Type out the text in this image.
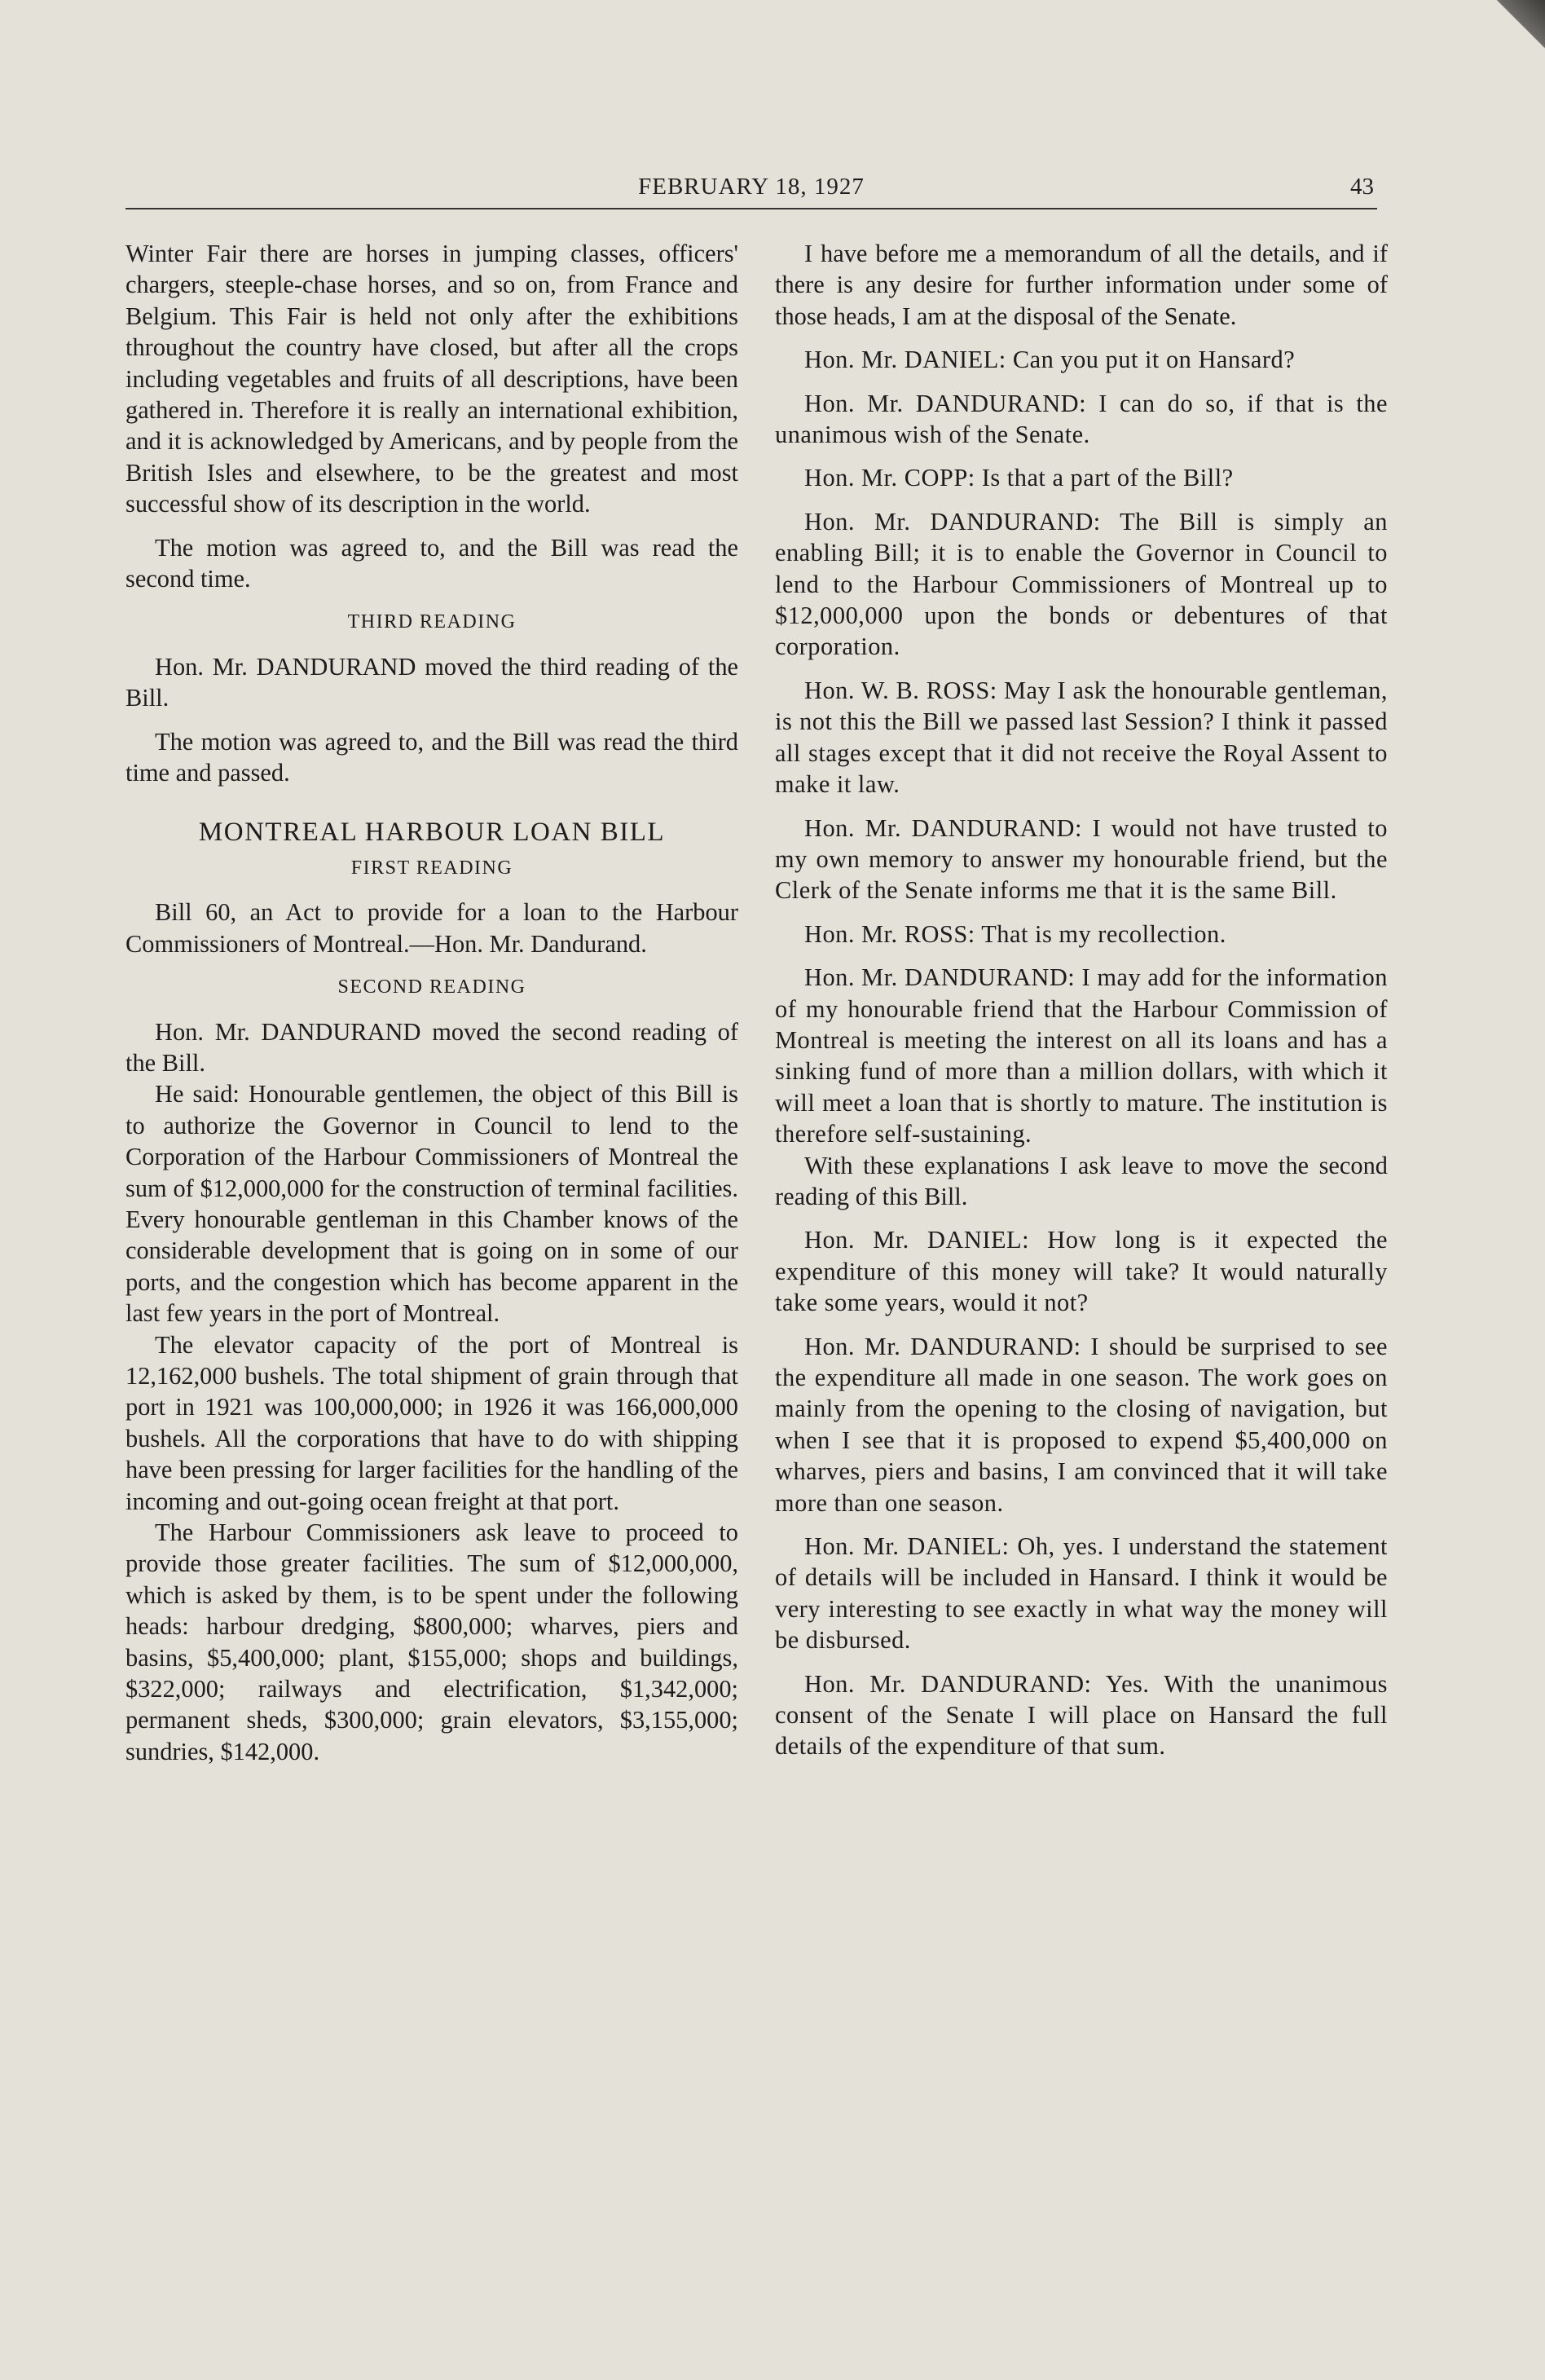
FEBRUARY 18, 1927	43

Winter Fair there are horses in jumping classes, officers' chargers, steeple-chase horses, and so on, from France and Belgium. This Fair is held not only after the exhibitions throughout the country have closed, but after all the crops including vegetables and fruits of all descriptions, have been gathered in. Therefore it is really an international exhibition, and it is acknowledged by Americans, and by people from the British Isles and elsewhere, to be the greatest and most successful show of its description in the world.

The motion was agreed to, and the Bill was read the second time.

THIRD READING

Hon. Mr. DANDURAND moved the third reading of the Bill.

The motion was agreed to, and the Bill was read the third time and passed.

MONTREAL HARBOUR LOAN BILL
FIRST READING

Bill 60, an Act to provide for a loan to the Harbour Commissioners of Montreal.—Hon. Mr. Dandurand.

SECOND READING

Hon. Mr. DANDURAND moved the second reading of the Bill.

He said: Honourable gentlemen, the object of this Bill is to authorize the Governor in Council to lend to the Corporation of the Harbour Commissioners of Montreal the sum of $12,000,000 for the construction of terminal facilities. Every honourable gentleman in this Chamber knows of the considerable development that is going on in some of our ports, and the congestion which has become apparent in the last few years in the port of Montreal.

The elevator capacity of the port of Montreal is 12,162,000 bushels. The total shipment of grain through that port in 1921 was 100,000,000; in 1926 it was 166,000,000 bushels. All the corporations that have to do with shipping have been pressing for larger facilities for the handling of the incoming and out-going ocean freight at that port.

The Harbour Commissioners ask leave to proceed to provide those greater facilities. The sum of $12,000,000, which is asked by them, is to be spent under the following heads: harbour dredging, $800,000; wharves, piers and basins, $5,400,000; plant, $155,000; shops and buildings, $322,000; railways and electrification, $1,342,000; permanent sheds, $300,000; grain elevators, $3,155,000; sundries, $142,000.

I have before me a memorandum of all the details, and if there is any desire for further information under some of those heads, I am at the disposal of the Senate.

Hon. Mr. DANIEL: Can you put it on Hansard?

Hon. Mr. DANDURAND: I can do so, if that is the unanimous wish of the Senate.

Hon. Mr. COPP: Is that a part of the Bill?

Hon. Mr. DANDURAND: The Bill is simply an enabling Bill; it is to enable the Governor in Council to lend to the Harbour Commissioners of Montreal up to $12,000,000 upon the bonds or debentures of that corporation.

Hon. W. B. ROSS: May I ask the honourable gentleman, is not this the Bill we passed last Session? I think it passed all stages except that it did not receive the Royal Assent to make it law.

Hon. Mr. DANDURAND: I would not have trusted to my own memory to answer my honourable friend, but the Clerk of the Senate informs me that it is the same Bill.

Hon. Mr. ROSS: That is my recollection.

Hon. Mr. DANDURAND: I may add for the information of my honourable friend that the Harbour Commission of Montreal is meeting the interest on all its loans and has a sinking fund of more than a million dollars, with which it will meet a loan that is shortly to mature. The institution is therefore self-sustaining.

With these explanations I ask leave to move the second reading of this Bill.

Hon. Mr. DANIEL: How long is it expected the expenditure of this money will take? It would naturally take some years, would it not?

Hon. Mr. DANDURAND: I should be surprised to see the expenditure all made in one season. The work goes on mainly from the opening to the closing of navigation, but when I see that it is proposed to expend $5,400,000 on wharves, piers and basins, I am convinced that it will take more than one season.

Hon. Mr. DANIEL: Oh, yes. I understand the statement of details will be included in Hansard. I think it would be very interesting to see exactly in what way the money will be disbursed.

Hon. Mr. DANDURAND: Yes. With the unanimous consent of the Senate I will place on Hansard the full details of the expenditure of that sum.
